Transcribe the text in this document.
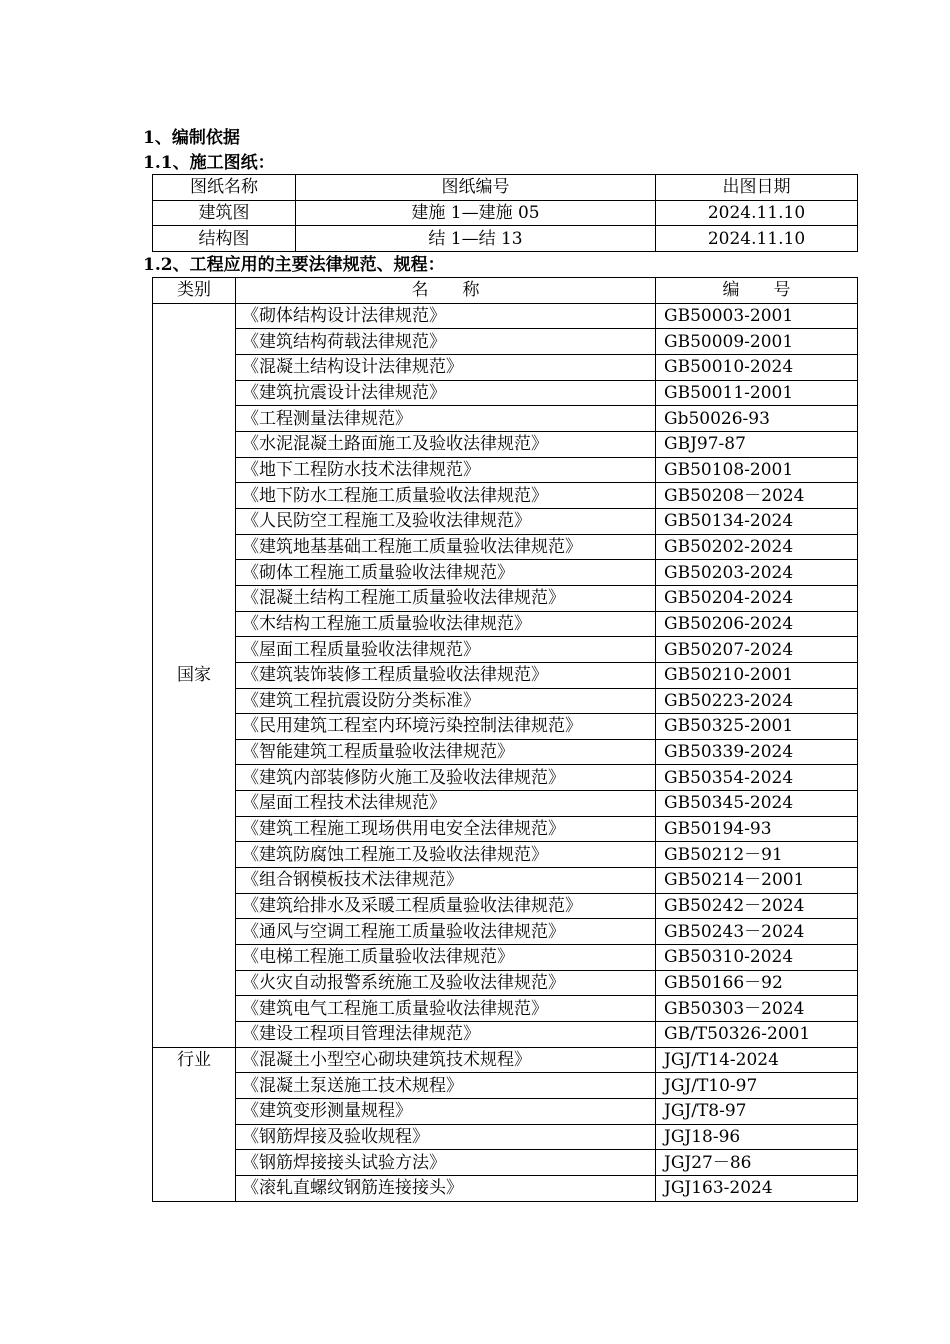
1、编制依据
1.1、施工图纸：
图纸名称	图纸编号	出图日期
建筑图	建施 1—建施 05	2024.11.10
结构图	结 1—结 13	2024.11.10
1.2、工程应用的主要法律规范、规程：
类别	名　　称	编　　号
国家	《砌体结构设计法律规范》	GB50003-2001
	《建筑结构荷载法律规范》	GB50009-2001
	《混凝土结构设计法律规范》	GB50010-2024
	《建筑抗震设计法律规范》	GB50011-2001
	《工程测量法律规范》	Gb50026-93
	《水泥混凝土路面施工及验收法律规范》	GBJ97-87
	《地下工程防水技术法律规范》	GB50108-2001
	《地下防水工程施工质量验收法律规范》	GB50208－2024
	《人民防空工程施工及验收法律规范》	GB50134-2024
	《建筑地基基础工程施工质量验收法律规范》	GB50202-2024
	《砌体工程施工质量验收法律规范》	GB50203-2024
	《混凝土结构工程施工质量验收法律规范》	GB50204-2024
	《木结构工程施工质量验收法律规范》	GB50206-2024
	《屋面工程质量验收法律规范》	GB50207-2024
	《建筑装饰装修工程质量验收法律规范》	GB50210-2001
	《建筑工程抗震设防分类标准》	GB50223-2024
	《民用建筑工程室内环境污染控制法律规范》	GB50325-2001
	《智能建筑工程质量验收法律规范》	GB50339-2024
	《建筑内部装修防火施工及验收法律规范》	GB50354-2024
	《屋面工程技术法律规范》	GB50345-2024
	《建筑工程施工现场供用电安全法律规范》	GB50194-93
	《建筑防腐蚀工程施工及验收法律规范》	GB50212－91
	《组合钢模板技术法律规范》	GB50214－2001
	《建筑给排水及采暖工程质量验收法律规范》	GB50242－2024
	《通风与空调工程施工质量验收法律规范》	GB50243－2024
	《电梯工程施工质量验收法律规范》	GB50310-2024
	《火灾自动报警系统施工及验收法律规范》	GB50166－92
	《建筑电气工程施工质量验收法律规范》	GB50303－2024
	《建设工程项目管理法律规范》	GB/T50326-2001
行业	《混凝土小型空心砌块建筑技术规程》	JGJ/T14-2024
	《混凝土泵送施工技术规程》	JGJ/T10-97
	《建筑变形测量规程》	JGJ/T8-97
	《钢筋焊接及验收规程》	JGJ18-96
	《钢筋焊接接头试验方法》	JGJ27－86
	《滚轧直螺纹钢筋连接接头》	JGJ163-2024
